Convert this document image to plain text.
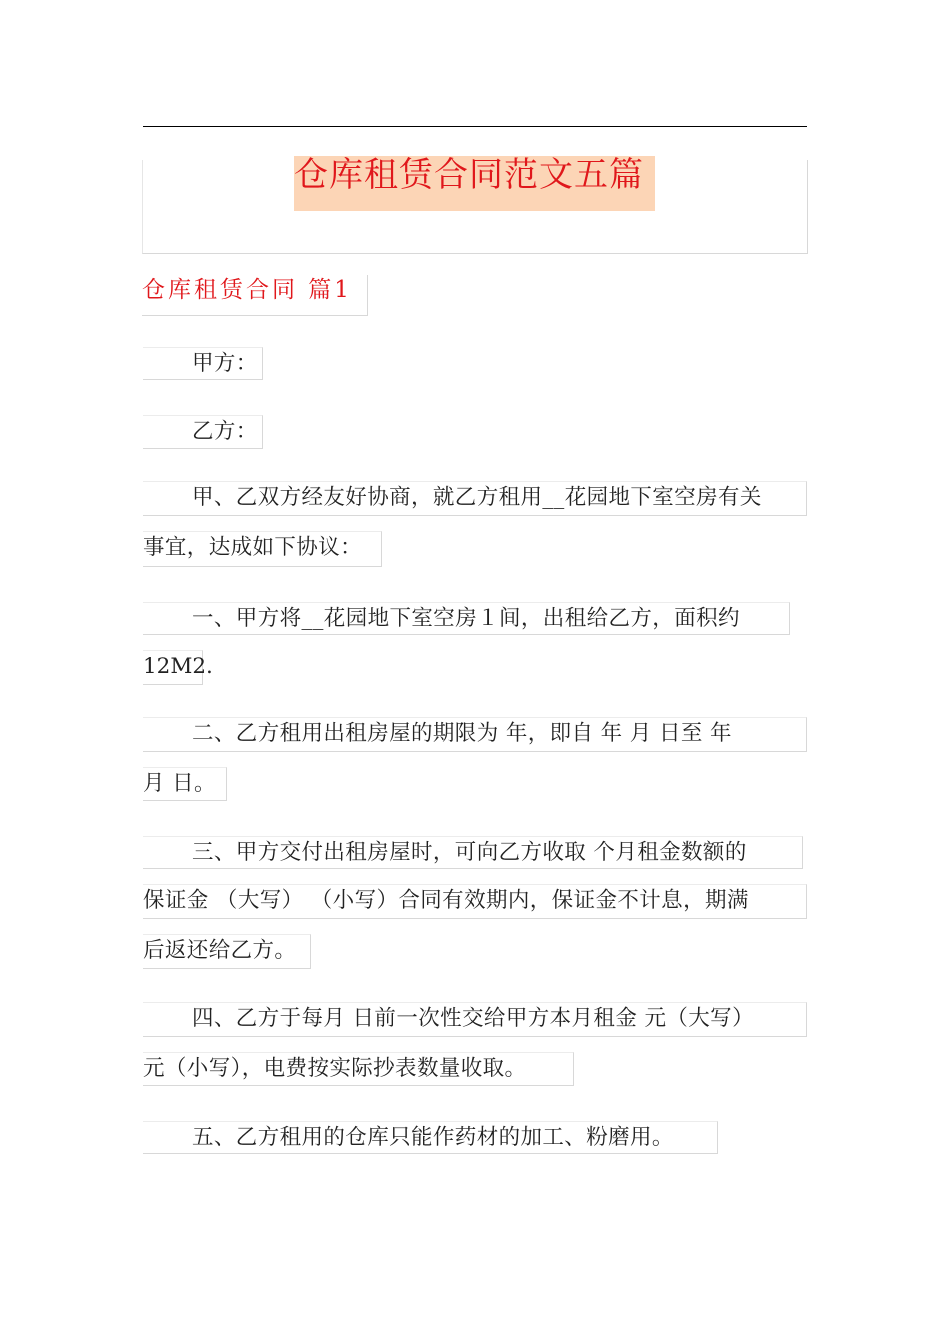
仓库租赁合同范文五篇
仓库租赁合同 篇1
甲方：
乙方：
甲、乙双方经友好协商，就乙方租用__花园地下室空房有关
事宜，达成如下协议：
一、甲方将__花园地下室空房１间，出租给乙方，面积约
12M2.
二、乙方租用出租房屋的期限为 年，即自 年 月 日至 年
月 日。
三、甲方交付出租房屋时，可向乙方收取 个月租金数额的
保证金 （大写） （小写）合同有效期内，保证金不计息，期满
后返还给乙方。
四、乙方于每月 日前一次性交给甲方本月租金 元（大写）
元（小写），电费按实际抄表数量收取。
五、乙方租用的仓库只能作药材的加工、粉磨用。
